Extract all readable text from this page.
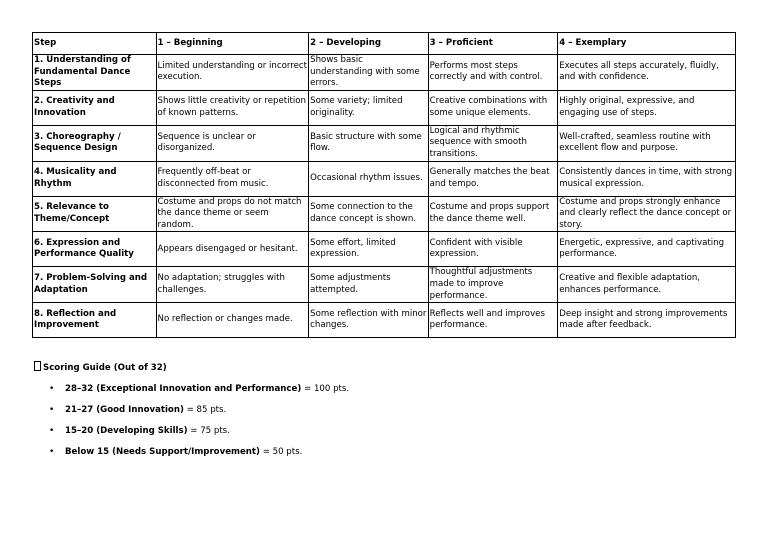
Step	1 – Beginning	2 – Developing	3 – Proficient	4 – Exemplary
1. Understanding of Fundamental Dance Steps	Limited understanding or incorrect execution.	Shows basic understanding with some errors.	Performs most steps correctly and with control.	Executes all steps accurately, fluidly, and with confidence.
2. Creativity and Innovation	Shows little creativity or repetition of known patterns.	Some variety; limited originality.	Creative combinations with some unique elements.	Highly original, expressive, and engaging use of steps.
3. Choreography / Sequence Design	Sequence is unclear or disorganized.	Basic structure with some flow.	Logical and rhythmic sequence with smooth transitions.	Well-crafted, seamless routine with excellent flow and purpose.
4. Musicality and Rhythm	Frequently off-beat or disconnected from music.	Occasional rhythm issues.	Generally matches the beat and tempo.	Consistently dances in time, with strong musical expression.
5. Relevance to Theme/Concept	Costume and props do not match the dance theme or seem random.	Some connection to the dance concept is shown.	Costume and props support the dance theme well.	Costume and props strongly enhance and clearly reflect the dance concept or story.
6. Expression and Performance Quality	Appears disengaged or hesitant.	Some effort, limited expression.	Confident with visible expression.	Energetic, expressive, and captivating performance.
7. Problem-Solving and Adaptation	No adaptation; struggles with challenges.	Some adjustments attempted.	Thoughtful adjustments made to improve performance.	Creative and flexible adaptation, enhances performance.
8. Reflection and Improvement	No reflection or changes made.	Some reflection with minor changes.	Reflects well and improves performance.	Deep insight and strong improvements made after feedback.
Scoring Guide (Out of 32)
• 28–32 (Exceptional Innovation and Performance) = 100 pts.
• 21–27 (Good Innovation) = 85 pts.
• 15–20 (Developing Skills) = 75 pts.
• Below 15 (Needs Support/Improvement) = 50 pts.
